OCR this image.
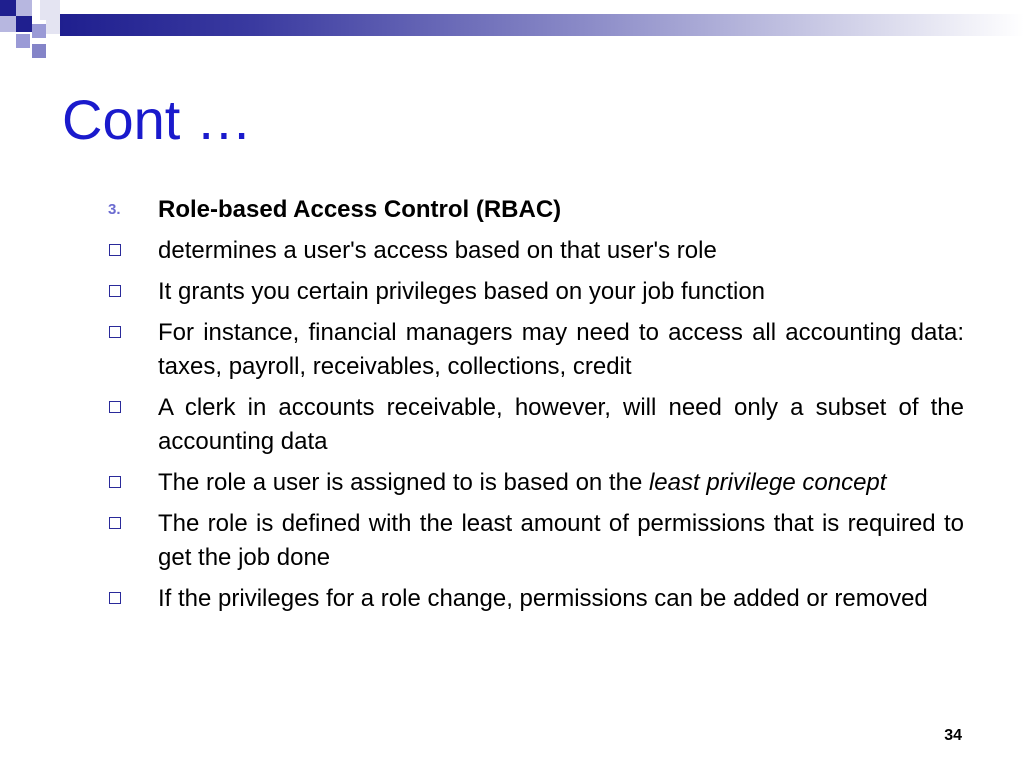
Cont …
3. Role-based Access Control (RBAC)
determines a user's access based on that user's role
It grants you certain privileges based on your job function
For instance, financial managers may need to access all accounting data: taxes, payroll, receivables, collections, credit
A clerk in accounts receivable, however, will need only a subset of the accounting data
The role a user is assigned to is based on the least privilege concept
The role is defined with the least amount of permissions that is required to get the job done
If the privileges for a role change, permissions can be added or removed
34
